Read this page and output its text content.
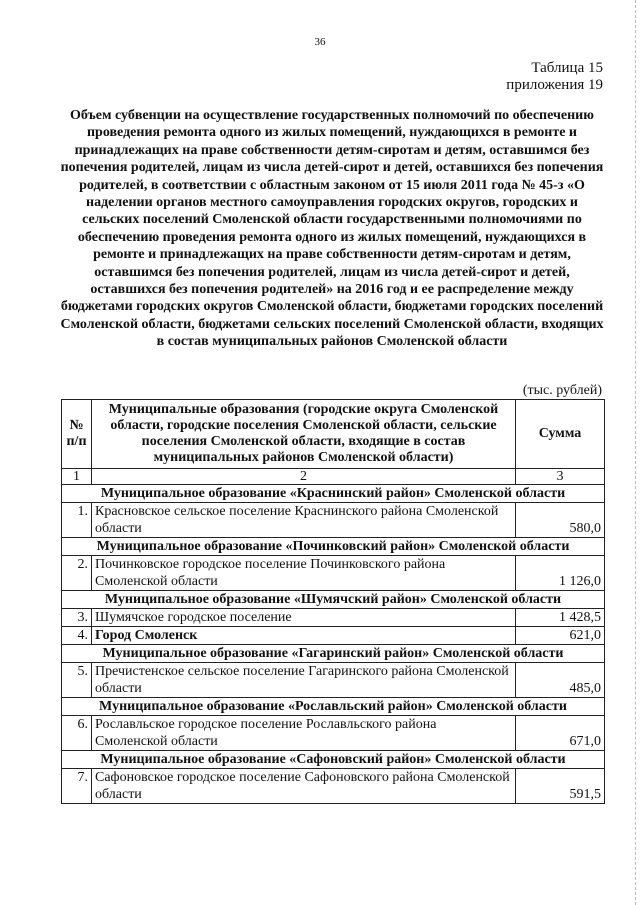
36
Таблица 15
приложения 19
Объем субвенции на осуществление государственных полномочий по обеспечению проведения ремонта одного из жилых помещений, нуждающихся в ремонте и принадлежащих на праве собственности детям-сиротам и детям, оставшимся без попечения родителей, лицам из числа детей-сирот и детей, оставшихся без попечения родителей, в соответствии с областным законом от 15 июля 2011 года № 45-з «О наделении органов местного самоуправления городских округов, городских и сельских поселений Смоленской области государственными полномочиями по обеспечению проведения ремонта одного из жилых помещений, нуждающихся в ремонте и принадлежащих на праве собственности детям-сиротам и детям, оставшимся без попечения родителей, лицам из числа детей-сирот и детей, оставшихся без попечения родителей» на 2016 год и ее распределение между бюджетами городских округов Смоленской области, бюджетами городских поселений Смоленской области, бюджетами сельских поселений Смоленской области, входящих в состав муниципальных районов Смоленской области
(тыс. рублей)
№ п/п	Муниципальные образования (городские округа Смоленской области, городские поселения Смоленской области, сельские поселения Смоленской области, входящие в состав муниципальных районов Смоленской области)	Сумма
1	2	3
Муниципальное образование «Краснинский район» Смоленской области		
1.	Красновское сельское поселение Краснинского района Смоленской области	580,0
Муниципальное образование «Починковский район» Смоленской области		
2.	Починковское городское поселение Починковского района Смоленской области	1 126,0
Муниципальное образование «Шумячский район» Смоленской области		
3.	Шумячское городское поселение	1 428,5
4.	Город Смоленск	621,0
Муниципальное образование «Гагаринский район» Смоленской области		
5.	Пречистенское сельское поселение Гагаринского района Смоленской области	485,0
Муниципальное образование «Рославльский район» Смоленской области		
6.	Рославльское городское поселение Рославльского района Смоленской области	671,0
Муниципальное образование «Сафоновский район» Смоленской области		
7.	Сафоновское городское поселение Сафоновского района Смоленской области	591,5
